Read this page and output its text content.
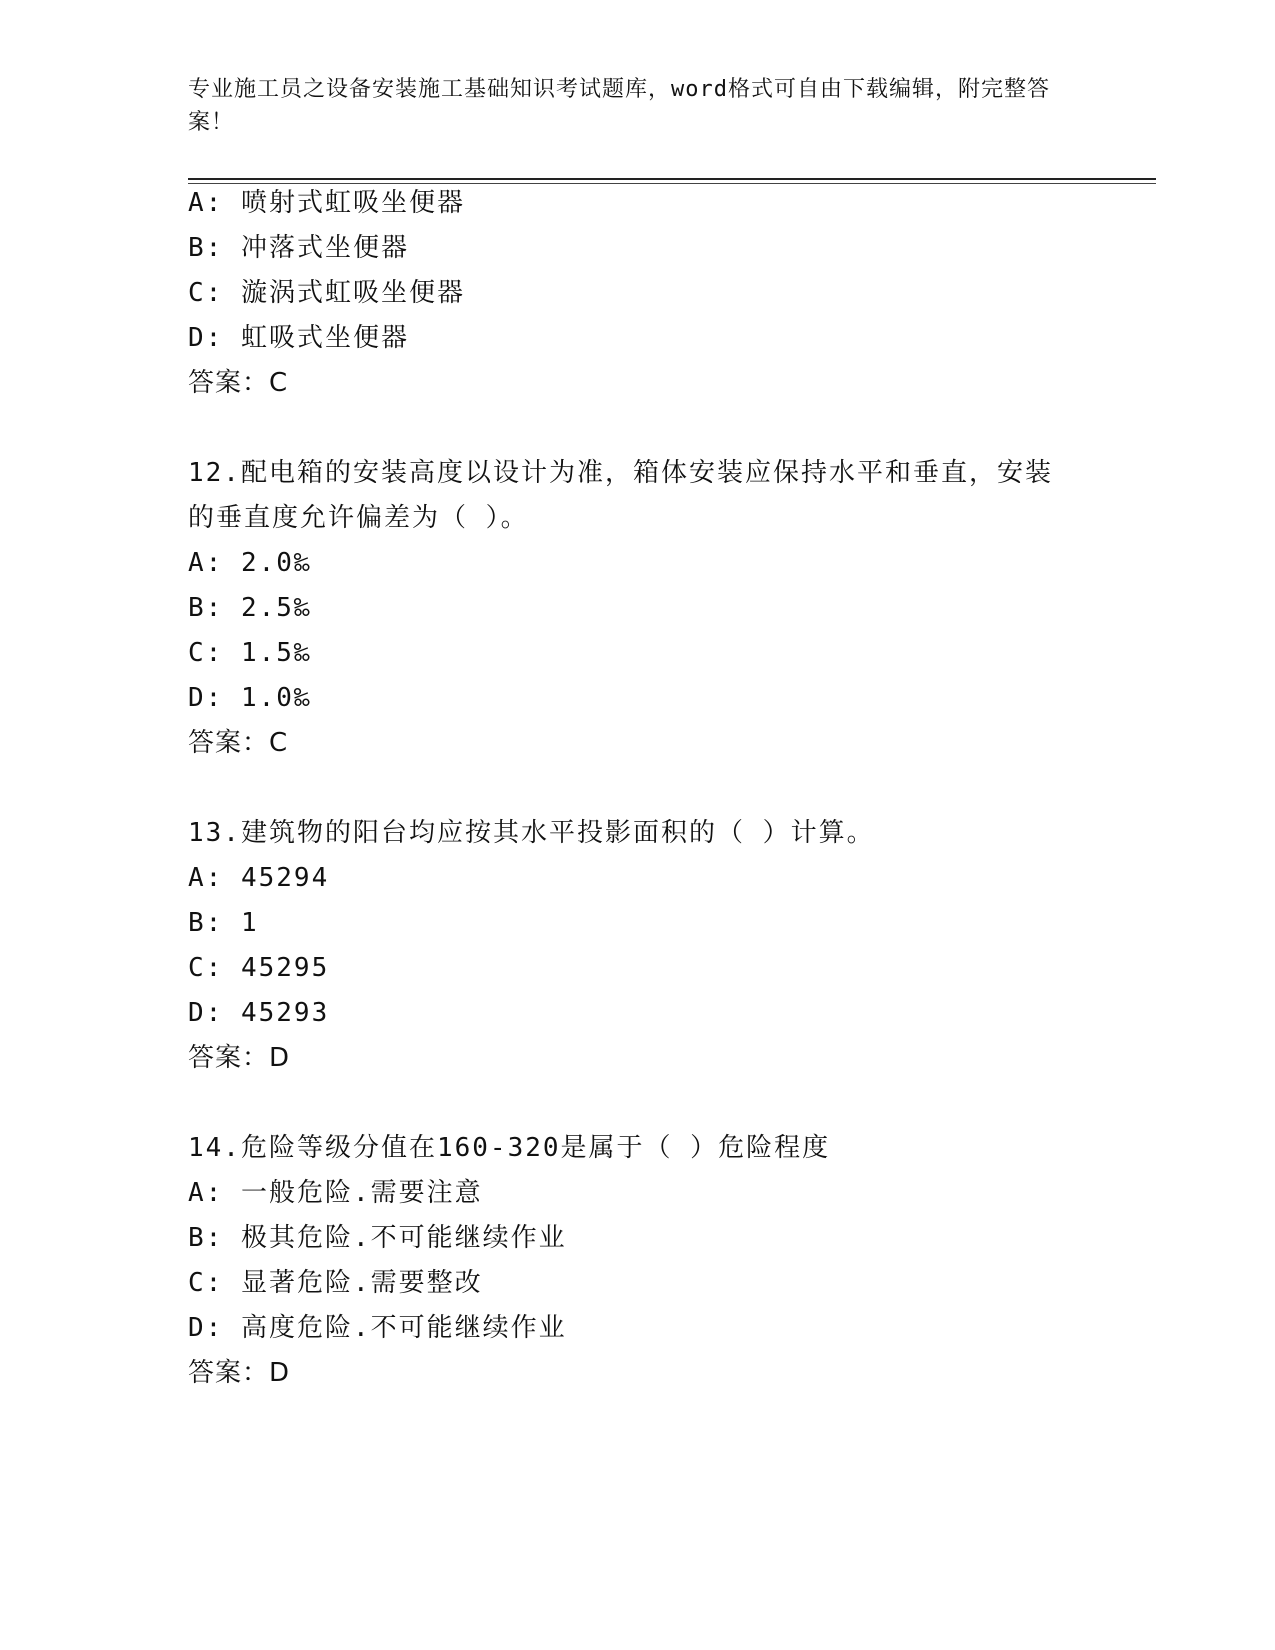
专业施工员之设备安装施工基础知识考试题库，word格式可自由下载编辑，附完整答案！
A: 喷射式虹吸坐便器
B: 冲落式坐便器
C: 漩涡式虹吸坐便器
D: 虹吸式坐便器
答案：C
12.配电箱的安装高度以设计为准，箱体安装应保持水平和垂直，安装
的垂直度允许偏差为（ ）。
A: 2.0‰
B: 2.5‰
C: 1.5‰
D: 1.0‰
答案：C
13.建筑物的阳台均应按其水平投影面积的（ ）计算。
A: 45294
B: 1
C: 45295
D: 45293
答案：D
14.危险等级分值在160-320是属于（ ）危险程度
A: 一般危险.需要注意
B: 极其危险.不可能继续作业
C: 显著危险.需要整改
D: 高度危险.不可能继续作业
答案：D
